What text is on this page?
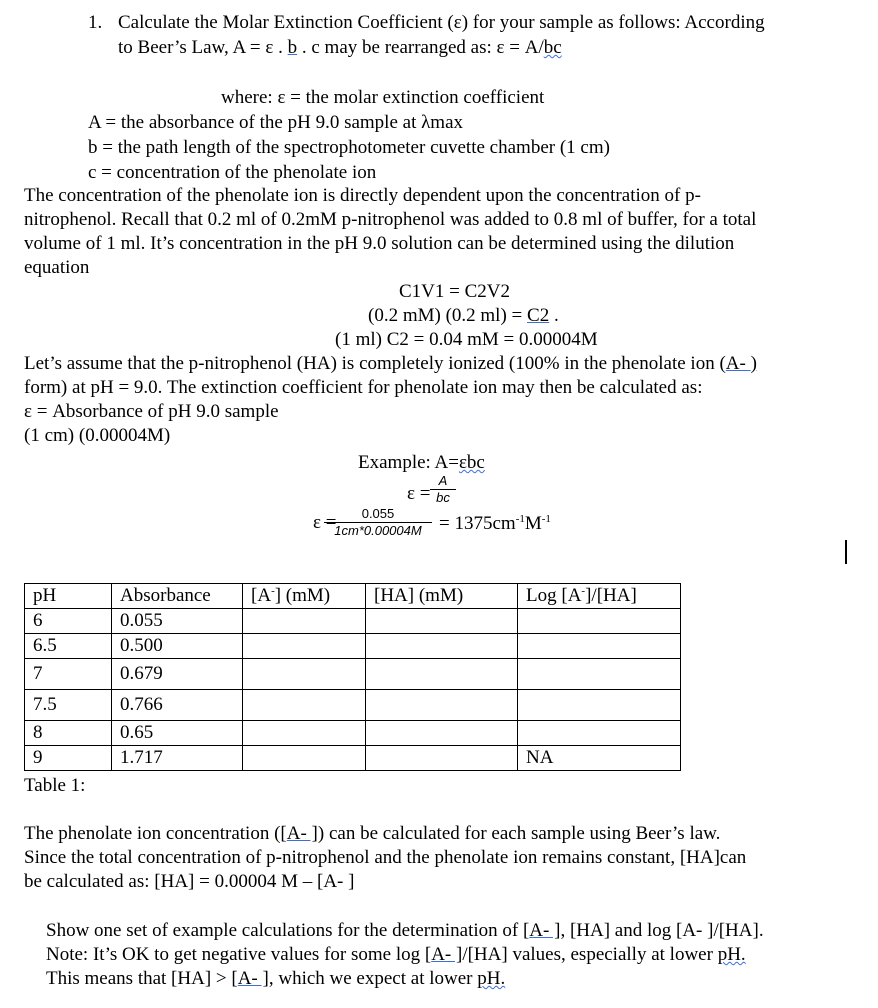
1. Calculate the Molar Extinction Coefficient (ε) for your sample as follows: According
to Beer’s Law, A = ε . b . c may be rearranged as: ε = A/bc
where: ε = the molar extinction coefficient
A = the absorbance of the pH 9.0 sample at λmax
b = the path length of the spectrophotometer cuvette chamber (1 cm)
c = concentration of the phenolate ion
The concentration of the phenolate ion is directly dependent upon the concentration of p-
nitrophenol. Recall that 0.2 ml of 0.2mM p-nitrophenol was added to 0.8 ml of buffer, for a total
volume of 1 ml. It’s concentration in the pH 9.0 solution can be determined using the dilution
equation
C1V1 = C2V2
(0.2 mM) (0.2 ml) = C2 .
(1 ml) C2 = 0.04 mM = 0.00004M
Let’s assume that the p-nitrophenol (HA) is completely ionized (100% in the phenolate ion (A- )
form) at pH = 9.0. The extinction coefficient for phenolate ion may then be calculated as:
ε = Absorbance of pH 9.0 sample
(1 cm) (0.00004M)
Example: A=εbc
ε =
A
bc
ε =	0.055
$1cm*0.00004M = 1375cm^{-1}M^{-1}$
pH	Absorbance	[A-] (mM)	[HA] (mM)	Log [A-]/[HA]
6	0.055			
6.5	0.500			
7	0.679			
7.5	0.766			
8	0.65			
9	1.717			NA
Table 1:
The phenolate ion concentration ([A- ]) can be calculated for each sample using Beer’s law.
Since the total concentration of p-nitrophenol and the phenolate ion remains constant, [HA]can
be calculated as: [HA] = 0.00004 M – [A- ]
Show one set of example calculations for the determination of [A- ], [HA] and log [A- ]/[HA].
Note: It’s OK to get negative values for some log [A- ]/[HA] values, especially at lower pH.
This means that [HA] > [A- ], which we expect at lower pH.
